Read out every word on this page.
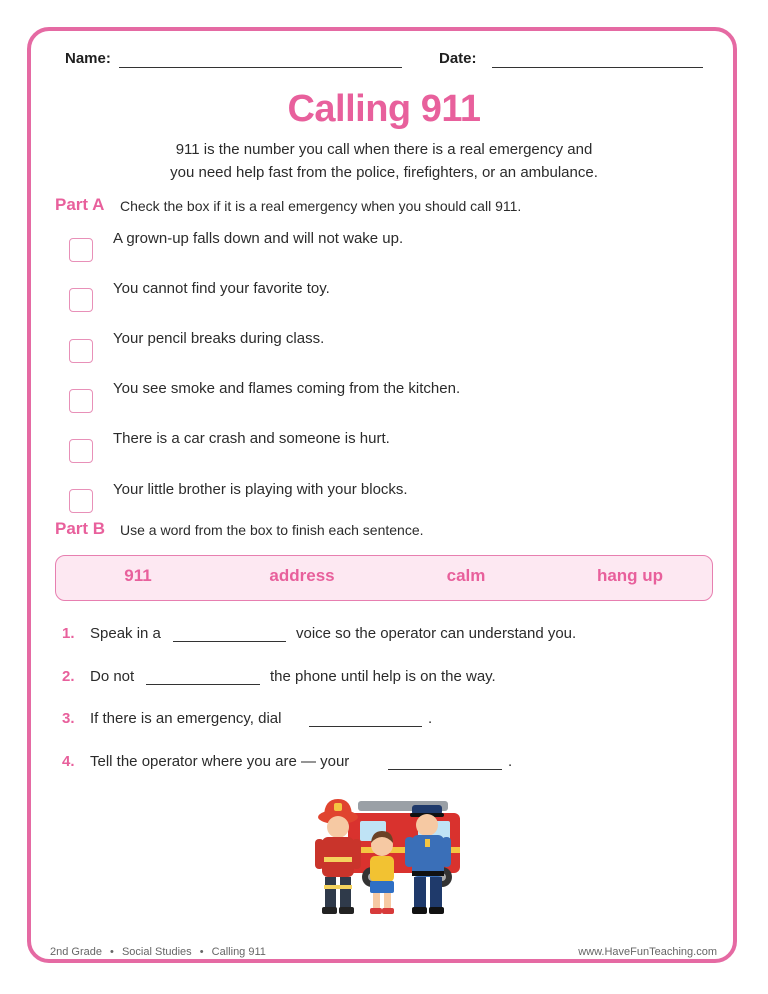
Name:	Date:
Calling 911
911 is the number you call when there is a real emergency and
you need help fast from the police, firefighters, or an ambulance.
Part A Check the box if it is a real emergency when you should call 911.
A grown-up falls down and will not wake up.
You cannot find your favorite toy.
Your pencil breaks during class.
You see smoke and flames coming from the kitchen.
There is a car crash and someone is hurt.
Your little brother is playing with your blocks.
Part B Use a word from the box to finish each sentence.
911	address	calm	hang up
1. Speak in a	voice so the operator can understand you.
2. Do not	the phone until help is on the way.
3. If there is an emergency, dial	.
4. Tell the operator where you are — your	.
2nd Grade • Social Studies • Calling 911	www.HaveFunTeaching.com
